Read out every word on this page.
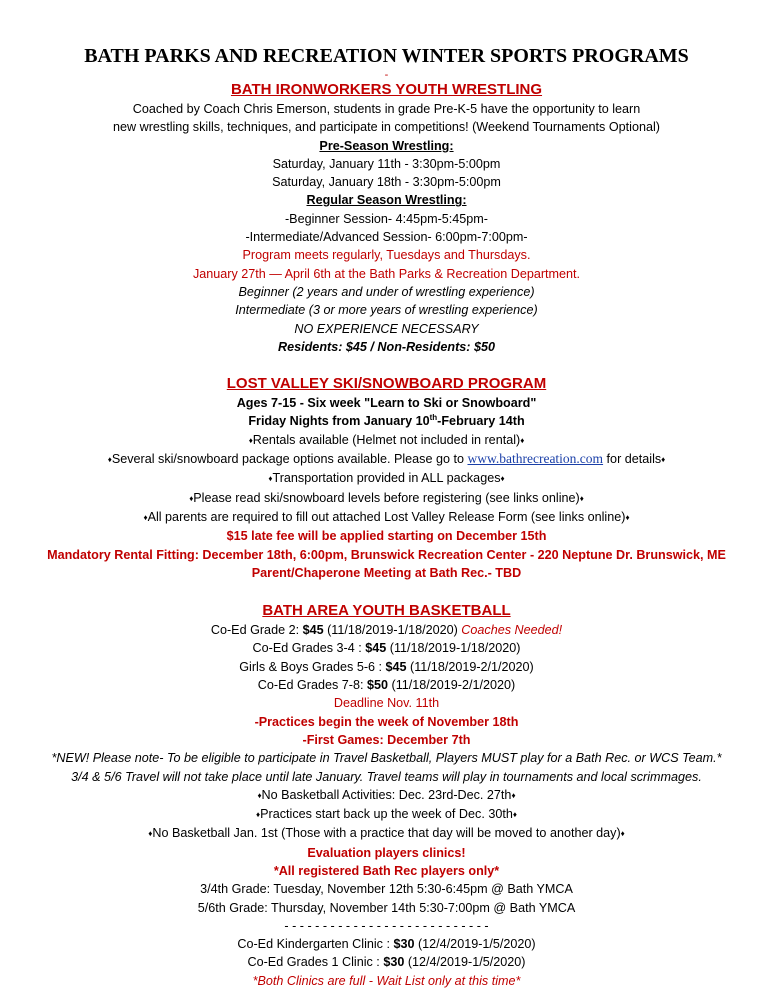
BATH PARKS AND RECREATION WINTER SPORTS PROGRAMS
-
BATH IRONWORKERS YOUTH WRESTLING
Coached by Coach Chris Emerson, students in grade Pre-K-5 have the opportunity to learn
new wrestling skills, techniques, and participate in competitions! (Weekend Tournaments Optional)
Pre-Season Wrestling:
Saturday, January 11th - 3:30pm-5:00pm
Saturday, January 18th - 3:30pm-5:00pm
Regular Season Wrestling:
-Beginner Session- 4:45pm-5:45pm-
-Intermediate/Advanced Session- 6:00pm-7:00pm-
Program meets regularly, Tuesdays and Thursdays.
January 27th — April 6th at the Bath Parks & Recreation Department.
Beginner (2 years and under of wrestling experience)
Intermediate (3 or more years of wrestling experience)
NO EXPERIENCE NECESSARY
Residents: $45 / Non-Residents: $50
LOST VALLEY SKI/SNOWBOARD PROGRAM
Ages 7-15 - Six week "Learn to Ski or Snowboard"
Friday Nights from January 10th-February 14th
♦Rentals available (Helmet not included in rental)♦
♦Several ski/snowboard package options available. Please go to www.bathrecreation.com for details♦
♦Transportation provided in ALL packages♦
♦Please read ski/snowboard levels before registering (see links online)♦
♦All parents are required to fill out attached Lost Valley Release Form (see links online)♦
$15 late fee will be applied starting on December 15th
Mandatory Rental Fitting: December 18th, 6:00pm, Brunswick Recreation Center - 220 Neptune Dr. Brunswick, ME
Parent/Chaperone Meeting at Bath Rec.- TBD
BATH AREA YOUTH BASKETBALL
Co-Ed Grade 2: $45 (11/18/2019-1/18/2020) Coaches Needed!
Co-Ed Grades 3-4 : $45 (11/18/2019-1/18/2020)
Girls & Boys Grades 5-6 : $45 (11/18/2019-2/1/2020)
Co-Ed Grades 7-8: $50 (11/18/2019-2/1/2020)
Deadline Nov. 11th
-Practices begin the week of November 18th
-First Games: December 7th
*NEW! Please note- To be eligible to participate in Travel Basketball, Players MUST play for a Bath Rec. or WCS Team.*
3/4 & 5/6 Travel will not take place until late January. Travel teams will play in tournaments and local scrimmages.
♦No Basketball Activities: Dec. 23rd-Dec. 27th♦
♦Practices start back up the week of Dec. 30th♦
♦No Basketball Jan. 1st (Those with a practice that day will be moved to another day)♦
Evaluation players clinics!
*All registered Bath Rec players only*
3/4th Grade: Tuesday, November 12th 5:30-6:45pm @ Bath YMCA
5/6th Grade: Thursday, November 14th 5:30-7:00pm @ Bath YMCA
- - - - - - - - - - - - - - - - - - - - - - - - - - -
Co-Ed Kindergarten Clinic : $30 (12/4/2019-1/5/2020)
Co-Ed Grades 1 Clinic : $30 (12/4/2019-1/5/2020)
*Both Clinics are full - Wait List only at this time*
